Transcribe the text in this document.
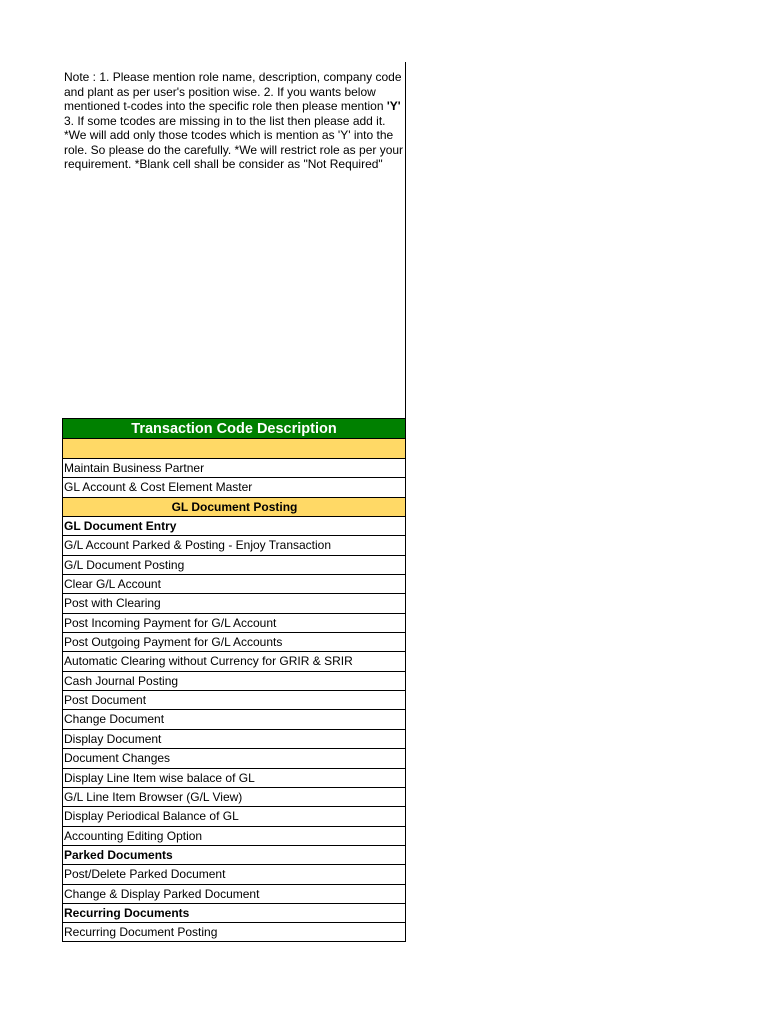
Note : 1. Please mention role name, description, company code and plant as per user's position wise. 2. If you wants below mentioned t-codes into the specific role then please mention 'Y' 3. If some tcodes are missing in to the list then please add it. *We will add only those tcodes which is mention as 'Y' into the role. So please do the carefully. *We will restrict role as per your requirement. *Blank cell shall be consider as "Not Required"
Transaction Code Description
Maintain Business Partner
GL Account & Cost Element Master
GL Document Posting
GL Document Entry
G/L Account Parked & Posting - Enjoy Transaction
G/L Document Posting
Clear G/L Account
Post with Clearing
Post Incoming Payment for G/L Account
Post Outgoing Payment for G/L Accounts
Automatic Clearing without Currency for GRIR & SRIR
Cash Journal Posting
Post Document
Change Document
Display Document
Document Changes
Display Line Item wise balace of GL
G/L Line Item Browser (G/L View)
Display Periodical Balance of GL
Accounting Editing Option
Parked Documents
Post/Delete Parked Document
Change & Display Parked Document
Recurring Documents
Recurring Document Posting
